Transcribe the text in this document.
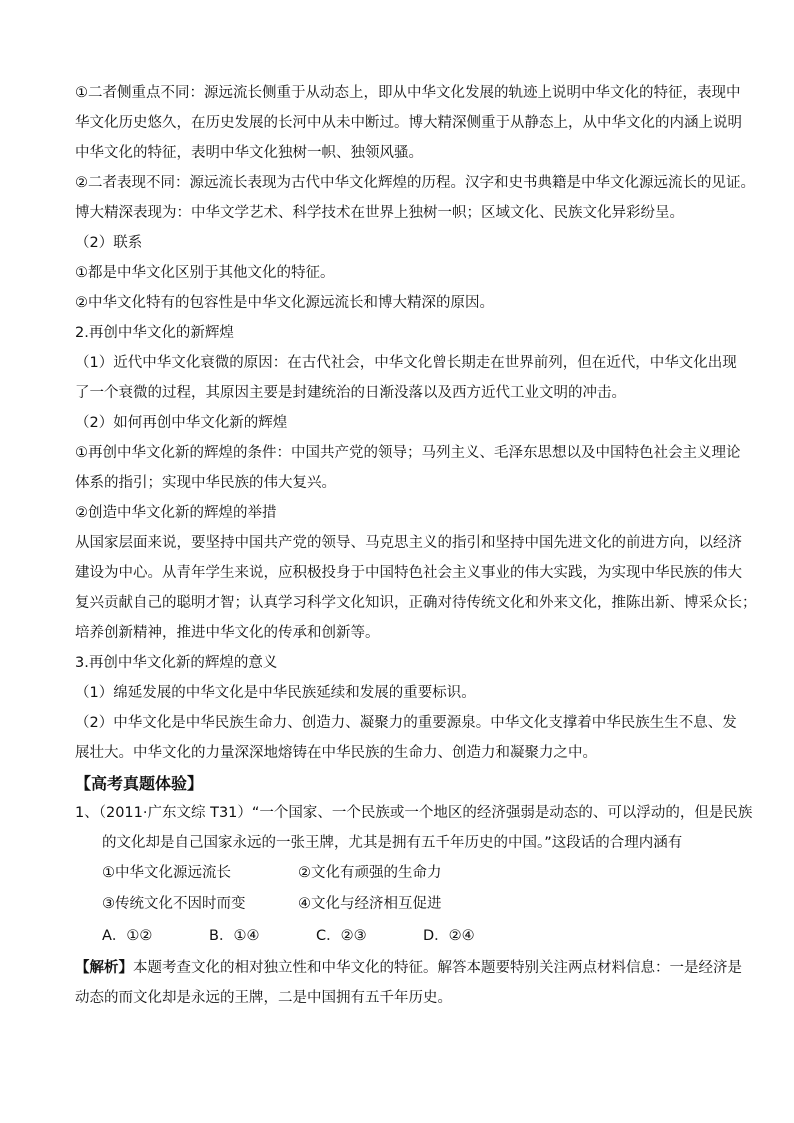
①二者侧重点不同：源远流长侧重于从动态上，即从中华文化发展的轨迹上说明中华文化的特征，表现中

华文化历史悠久，在历史发展的长河中从未中断过。博大精深侧重于从静态上，从中华文化的内涵上说明

中华文化的特征，表明中华文化独树一帜、独领风骚。

②二者表现不同：源远流长表现为古代中华文化辉煌的历程。汉字和史书典籍是中华文化源远流长的见证。

博大精深表现为：中华文学艺术、科学技术在世界上独树一帜；区域文化、民族文化异彩纷呈。

（2）联系

①都是中华文化区别于其他文化的特征。

②中华文化特有的包容性是中华文化源远流长和博大精深的原因。

2.再创中华文化的新辉煌

（1）近代中华文化衰微的原因：在古代社会，中华文化曾长期走在世界前列，但在近代，中华文化出现

了一个衰微的过程，其原因主要是封建统治的日渐没落以及西方近代工业文明的冲击。

（2）如何再创中华文化新的辉煌

①再创中华文化新的辉煌的条件：中国共产党的领导；马列主义、毛泽东思想以及中国特色社会主义理论

体系的指引；实现中华民族的伟大复兴。

②创造中华文化新的辉煌的举措

从国家层面来说，要坚持中国共产党的领导、马克思主义的指引和坚持中国先进文化的前进方向，以经济

建设为中心。从青年学生来说，应积极投身于中国特色社会主义事业的伟大实践，为实现中华民族的伟大

复兴贡献自己的聪明才智；认真学习科学文化知识，正确对待传统文化和外来文化，推陈出新、博采众长；

培养创新精神，推进中华文化的传承和创新等。

3.再创中华文化新的辉煌的意义

（1）绵延发展的中华文化是中华民族延续和发展的重要标识。

（2）中华文化是中华民族生命力、创造力、凝聚力的重要源泉。中华文化支撑着中华民族生生不息、发

展壮大。中华文化的力量深深地熔铸在中华民族的生命力、创造力和凝聚力之中。

【高考真题体验】

1、（2011·广东文综 T31）“一个国家、一个民族或一个地区的经济强弱是动态的、可以浮动的，但是民族

的文化却是自己国家永远的一张王牌，尤其是拥有五千年历史的中国。”这段话的合理内涵有

①中华文化源远流长	②文化有顽强的生命力
③传统文化不因时而变	④文化与经济相互促进
A．①②	B．①④	C．②③	D．②④

【解析】本题考查文化的相对独立性和中华文化的特征。解答本题要特别关注两点材料信息：一是经济是

动态的而文化却是永远的王牌，二是中国拥有五千年历史。
